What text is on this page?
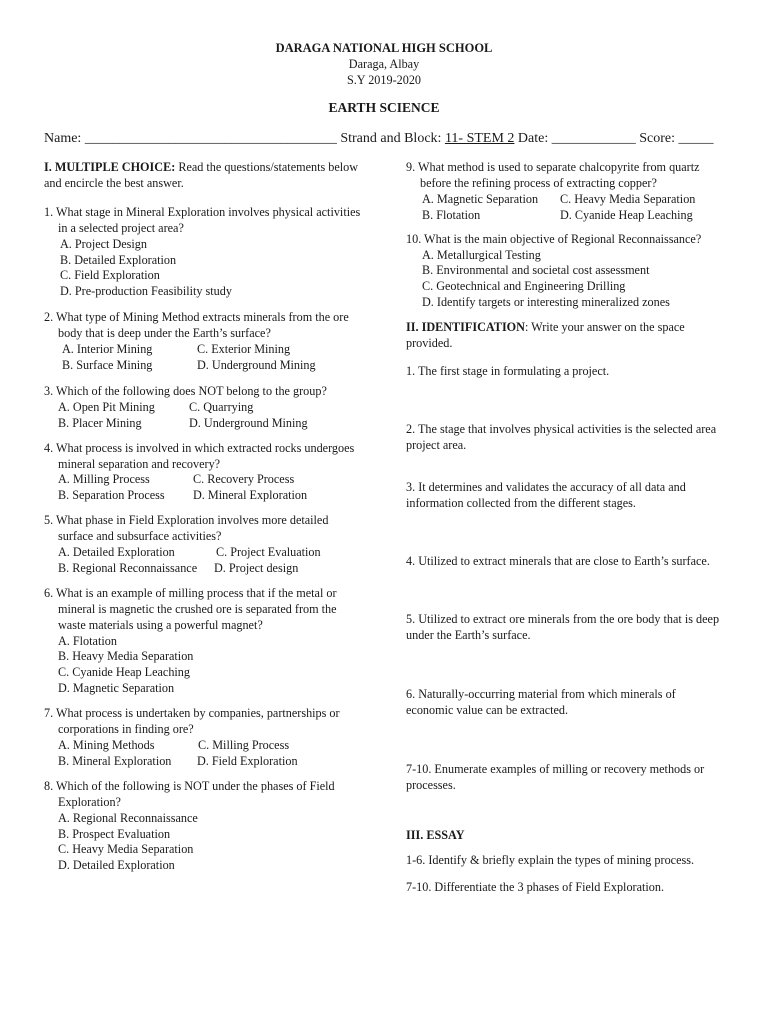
DARAGA NATIONAL HIGH SCHOOL
Daraga, Albay
S.Y 2019-2020
EARTH SCIENCE
Name: ____________________________________ Strand and Block: 11- STEM 2 Date: ____________ Score: _____
I. MULTIPLE CHOICE: Read the questions/statements below and encircle the best answer.
1. What stage in Mineral Exploration involves physical activities in a selected project area?
A. Project Design
B. Detailed Exploration
C. Field Exploration
D. Pre-production Feasibility study
2. What type of Mining Method extracts minerals from the ore body that is deep under the Earth’s surface?
A. Interior Mining	C. Exterior Mining
B. Surface Mining	D. Underground Mining
3. Which of the following does NOT belong to the group?
A. Open Pit Mining	C. Quarrying
B. Placer Mining	D. Underground Mining
4. What process is involved in which extracted rocks undergoes mineral separation and recovery?
A. Milling Process	C. Recovery Process
B. Separation Process	D. Mineral Exploration
5. What phase in Field Exploration involves more detailed surface and subsurface activities?
A. Detailed Exploration	C. Project Evaluation
B. Regional Reconnaissance	D. Project design
6. What is an example of milling process that if the metal or mineral is magnetic the crushed ore is separated from the waste materials using a powerful magnet?
A. Flotation
B. Heavy Media Separation
C. Cyanide Heap Leaching
D. Magnetic Separation
7. What process is undertaken by companies, partnerships or corporations in finding ore?
A. Mining Methods	C. Milling Process
B. Mineral Exploration	D. Field Exploration
8. Which of the following is NOT under the phases of Field Exploration?
A. Regional Reconnaissance
B. Prospect Evaluation
C. Heavy Media Separation
D. Detailed Exploration
9. What method is used to separate chalcopyrite from quartz before the refining process of extracting copper?
A. Magnetic Separation	C. Heavy Media Separation
B. Flotation	D. Cyanide Heap Leaching
10. What is the main objective of Regional Reconnaissance?
A. Metallurgical Testing
B. Environmental and societal cost assessment
C. Geotechnical and Engineering Drilling
D. Identify targets or interesting mineralized zones
II. IDENTIFICATION: Write your answer on the space provided.
1. The first stage in formulating a project.
2. The stage that involves physical activities is the selected area project area.
3. It determines and validates the accuracy of all data and information collected from the different stages.
4. Utilized to extract minerals that are close to Earth’s surface.
5. Utilized to extract ore minerals from the ore body that is deep under the Earth’s surface.
6. Naturally-occurring material from which minerals of economic value can be extracted.
7-10. Enumerate examples of milling or recovery methods or processes.
III. ESSAY
1-6. Identify & briefly explain the types of mining process.
7-10. Differentiate the 3 phases of Field Exploration.
